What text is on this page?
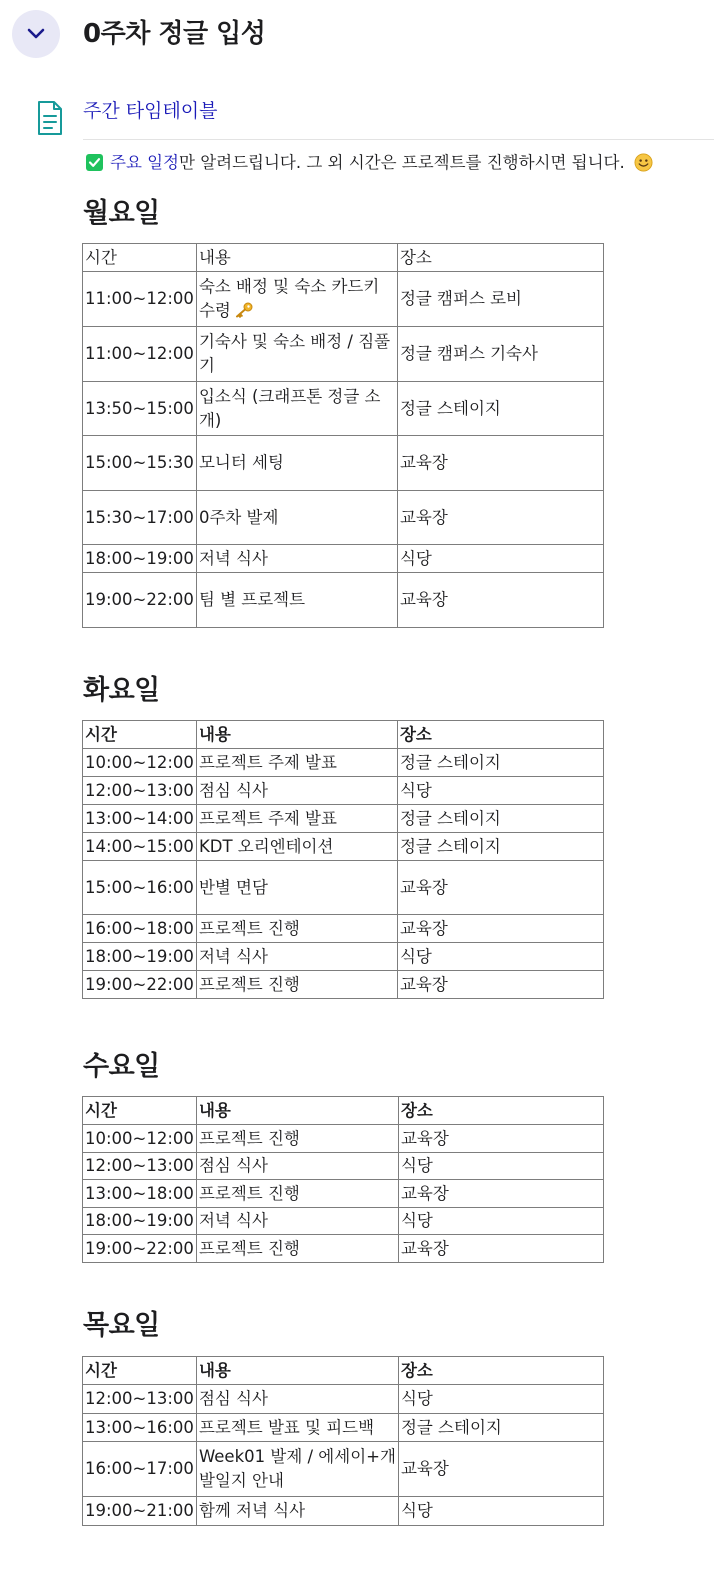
0주차 정글 입성
주간 타임테이블
주요 일정만 알려드립니다. 그 외 시간은 프로젝트를 진행하시면 됩니다.
월요일
시간	내용	장소
11:00~12:00	숙소 배정 및 숙소 카드키 수령	정글 캠퍼스 로비
11:00~12:00	기숙사 및 숙소 배정 / 짐풀기	정글 캠퍼스 기숙사
13:50~15:00	입소식 (크래프톤 정글 소개)	정글 스테이지
15:00~15:30	모니터 세팅	교육장
15:30~17:00	0주차 발제	교육장
18:00~19:00	저녁 식사	식당
19:00~22:00	팀 별 프로젝트	교육장
화요일
시간	내용	장소
10:00~12:00	프로젝트 주제 발표	정글 스테이지
12:00~13:00	점심 식사	식당
13:00~14:00	프로젝트 주제 발표	정글 스테이지
14:00~15:00	KDT 오리엔테이션	정글 스테이지
15:00~16:00	반별 면담	교육장
16:00~18:00	프로젝트 진행	교육장
18:00~19:00	저녁 식사	식당
19:00~22:00	프로젝트 진행	교육장
수요일
시간	내용	장소
10:00~12:00	프로젝트 진행	교육장
12:00~13:00	점심 식사	식당
13:00~18:00	프로젝트 진행	교육장
18:00~19:00	저녁 식사	식당
19:00~22:00	프로젝트 진행	교육장
목요일
시간	내용	장소
12:00~13:00	점심 식사	식당
13:00~16:00	프로젝트 발표 및 피드백	정글 스테이지
16:00~17:00	Week01 발제 / 에세이+개발일지 안내	교육장
19:00~21:00	함께 저녁 식사	식당
